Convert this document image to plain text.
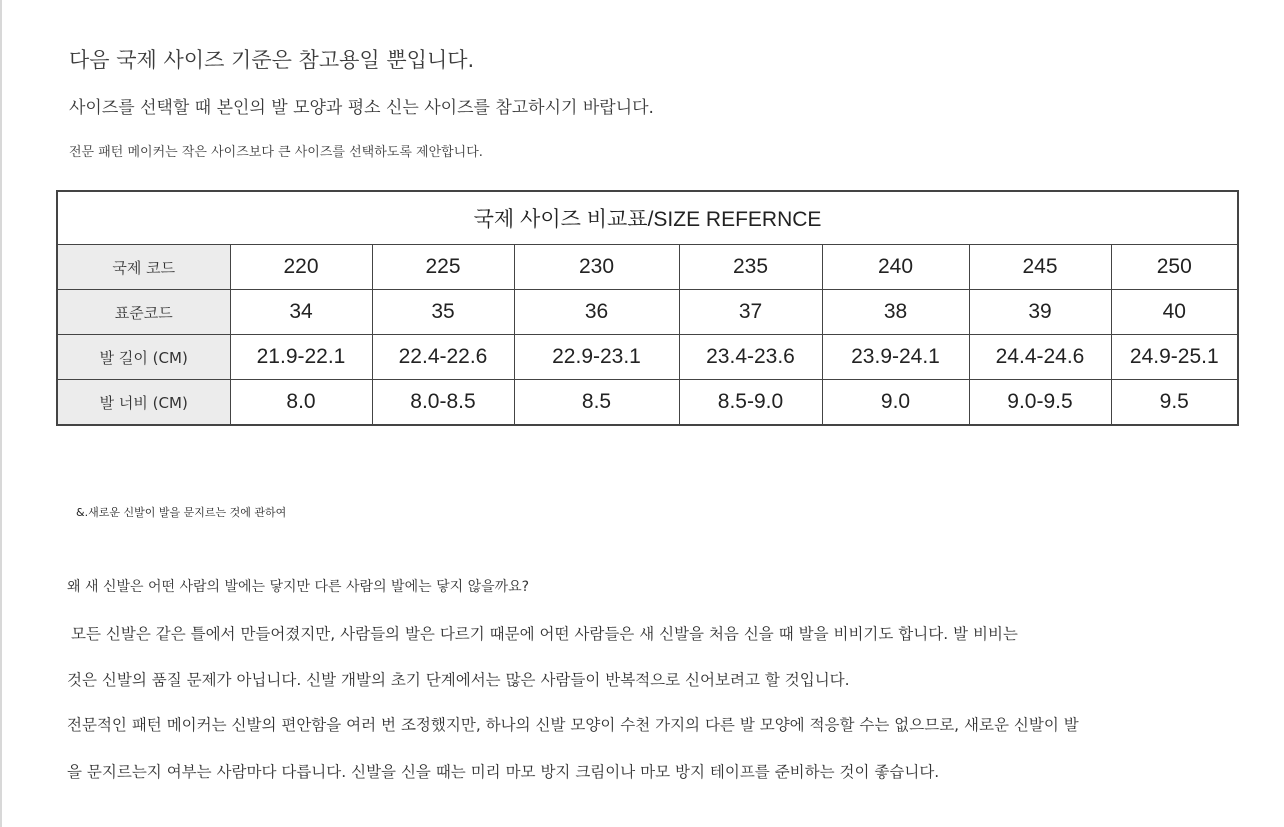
다음 국제 사이즈 기준은 참고용일 뿐입니다.
사이즈를 선택할 때 본인의 발 모양과 평소 신는 사이즈를 참고하시기 바랍니다.
전문 패턴 메이커는 작은 사이즈보다 큰 사이즈를 선택하도록 제안합니다.
국제 사이즈 비교표/SIZE REFERNCE							
국제 코드	220	225	230	235	240	245	250
표준코드	34	35	36	37	38	39	40
발 길이 (CM)	21.9-22.1	22.4-22.6	22.9-23.1	23.4-23.6	23.9-24.1	24.4-24.6	24.9-25.1
발 너비 (CM)	8.0	8.0-8.5	8.5	8.5-9.0	9.0	9.0-9.5	9.5
&.새로운 신발이 발을 문지르는 것에 관하여
왜 새 신발은 어떤 사람의 발에는 닿지만 다른 사람의 발에는 닿지 않을까요?
모든 신발은 같은 틀에서 만들어졌지만, 사람들의 발은 다르기 때문에 어떤 사람들은 새 신발을 처음 신을 때 발을 비비기도 합니다. 발 비비는
것은 신발의 품질 문제가 아닙니다. 신발 개발의 초기 단계에서는 많은 사람들이 반복적으로 신어보려고 할 것입니다.
전문적인 패턴 메이커는 신발의 편안함을 여러 번 조정했지만, 하나의 신발 모양이 수천 가지의 다른 발 모양에 적응할 수는 없으므로, 새로운 신발이 발
을 문지르는지 여부는 사람마다 다릅니다. 신발을 신을 때는 미리 마모 방지 크림이나 마모 방지 테이프를 준비하는 것이 좋습니다.
